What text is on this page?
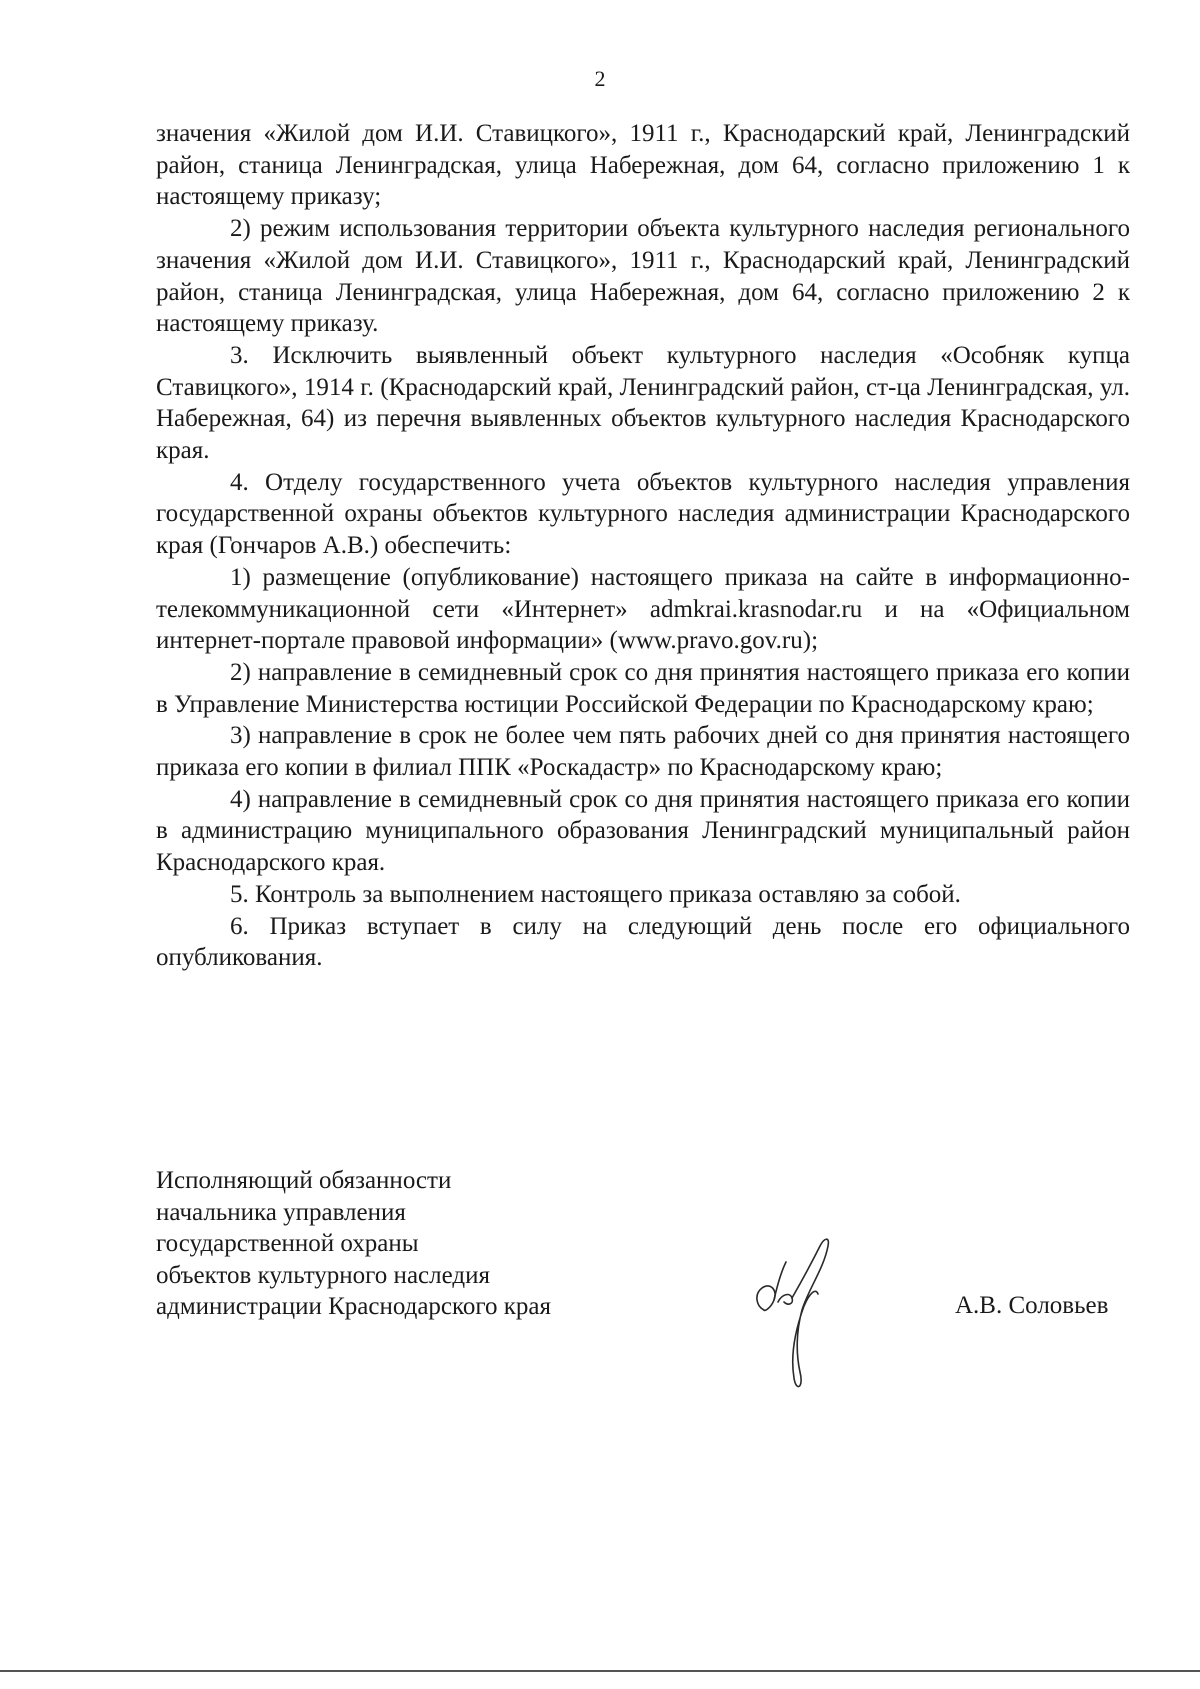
2

значения «Жилой дом И.И. Ставицкого», 1911 г., Краснодарский край, Ленинградский район, станица Ленинградская, улица Набережная, дом 64, согласно приложению 1 к настоящему приказу;

2) режим использования территории объекта культурного наследия регионального значения «Жилой дом И.И. Ставицкого», 1911 г., Краснодарский край, Ленинградский район, станица Ленинградская, улица Набережная, дом 64, согласно приложению 2 к настоящему приказу.

3. Исключить выявленный объект культурного наследия «Особняк купца Ставицкого», 1914 г. (Краснодарский край, Ленинградский район, ст-ца Ленинградская, ул. Набережная, 64) из перечня выявленных объектов культурного наследия Краснодарского края.

4. Отделу государственного учета объектов культурного наследия управления государственной охраны объектов культурного наследия администрации Краснодарского края (Гончаров А.В.) обеспечить:

1) размещение (опубликование) настоящего приказа на сайте в информационно-телекоммуникационной сети «Интернет» admkrai.krasnodar.ru и на «Официальном интернет-портале правовой информации» (www.pravo.gov.ru);

2) направление в семидневный срок со дня принятия настоящего приказа его копии в Управление Министерства юстиции Российской Федерации по Краснодарскому краю;

3) направление в срок не более чем пять рабочих дней со дня принятия настоящего приказа его копии в филиал ППК «Роскадастр» по Краснодарскому краю;

4) направление в семидневный срок со дня принятия настоящего приказа его копии в администрацию муниципального образования Ленинградский муниципальный район Краснодарского края.

5. Контроль за выполнением настоящего приказа оставляю за собой.

6. Приказ вступает в силу на следующий день после его официального опубликования.

Исполняющий обязанности
начальника управления
государственной охраны
объектов культурного наследия
администрации Краснодарского края	А.В. Соловьев
